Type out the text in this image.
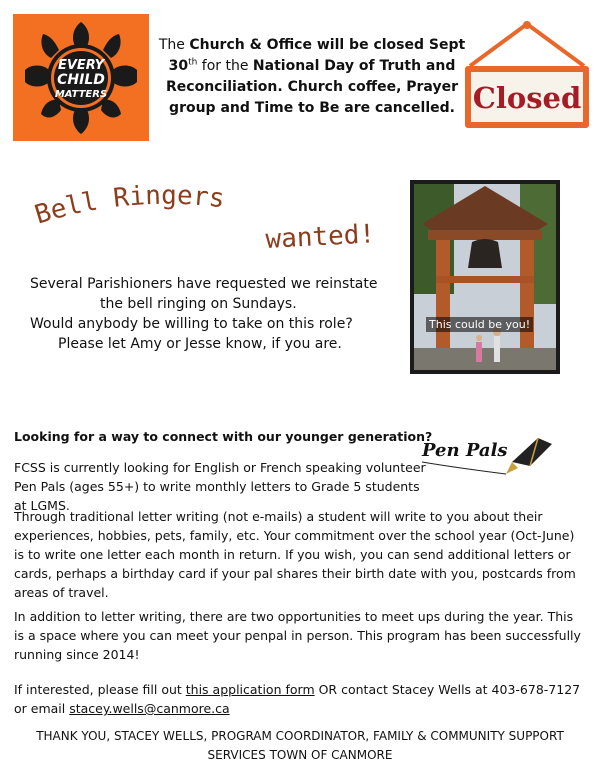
EVERY
CHILD
MATTERS
The Church & Office will be closed Sept 30th for the National Day of Truth and Reconciliation. Church coffee, Prayer group and Time to Be are cancelled. Closed
Bell Ringers
wanted!
Several Parishioners have requested we reinstate
the bell ringing on Sundays.
Would anybody be willing to take on this role?
Please let Amy or Jesse know, if you are.
This could be you!
Looking for a way to connect with our younger generation?
Pen Pals
FCSS is currently looking for English or French speaking volunteer Pen Pals (ages 55+) to write monthly letters to Grade 5 students at LGMS.
Through traditional letter writing (not e-mails) a student will write to you about their experiences, hobbies, pets, family, etc. Your commitment over the school year (Oct-June) is to write one letter each month in return. If you wish, you can send additional letters or cards, perhaps a birthday card if your pal shares their birth date with you, postcards from areas of travel.
In addition to letter writing, there are two opportunities to meet ups during the year. This is a space where you can meet your penpal in person. This program has been successfully running since 2014!
If interested, please fill out this application form OR contact Stacey Wells at 403-678-7127 or email stacey.wells@canmore.ca
THANK YOU, STACEY WELLS, PROGRAM COORDINATOR, FAMILY & COMMUNITY SUPPORT SERVICES TOWN OF CANMORE
